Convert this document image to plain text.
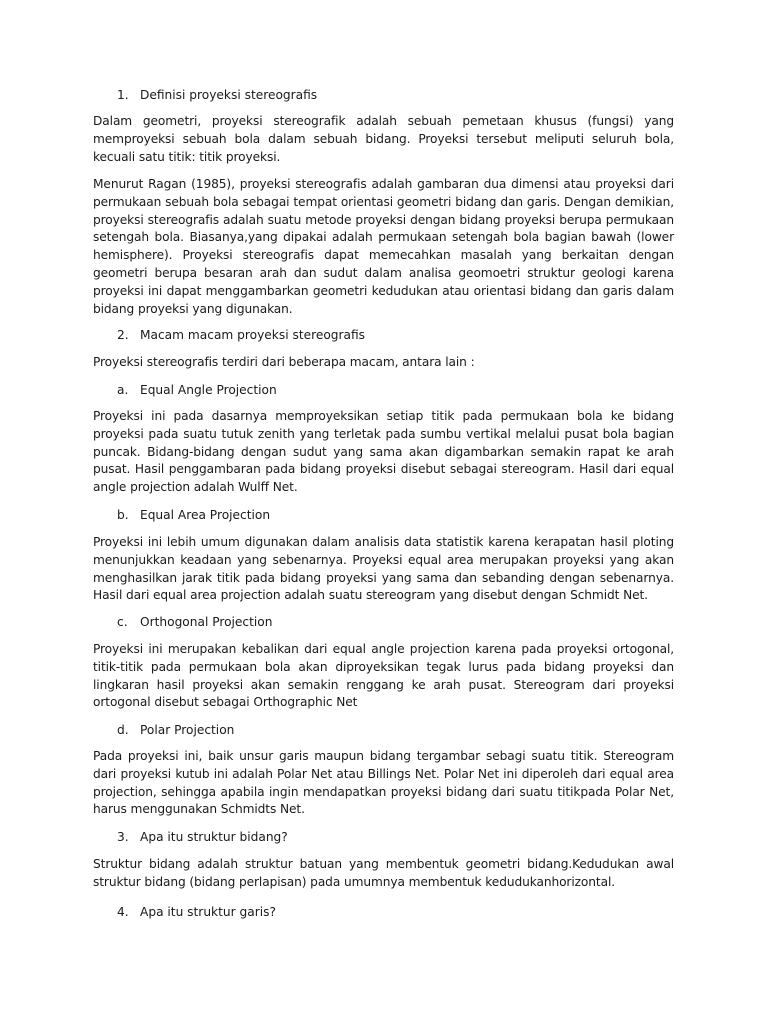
1. Definisi proyeksi stereografis

Dalam geometri, proyeksi stereografik adalah sebuah pemetaan khusus (fungsi) yang memproyeksi sebuah bola dalam sebuah bidang. Proyeksi tersebut meliputi seluruh bola, kecuali satu titik: titik proyeksi.

Menurut Ragan (1985), proyeksi stereografis adalah gambaran dua dimensi atau proyeksi dari permukaan sebuah bola sebagai tempat orientasi geometri bidang dan garis. Dengan demikian, proyeksi stereografis adalah suatu metode proyeksi dengan bidang proyeksi berupa permukaan setengah bola. Biasanya,yang dipakai adalah permukaan setengah bola bagian bawah (lower hemisphere). Proyeksi stereografis dapat memecahkan masalah yang berkaitan dengan geometri berupa besaran arah dan sudut dalam analisa geomoetri struktur geologi karena proyeksi ini dapat menggambarkan geometri kedudukan atau orientasi bidang dan garis dalam bidang proyeksi yang digunakan.

2. Macam macam proyeksi stereografis

Proyeksi stereografis terdiri dari beberapa macam, antara lain :

a. Equal Angle Projection

Proyeksi ini pada dasarnya memproyeksikan setiap titik pada permukaan bola ke bidang proyeksi pada suatu tutuk zenith yang terletak pada sumbu vertikal melalui pusat bola bagian puncak. Bidang-bidang dengan sudut yang sama akan digambarkan semakin rapat ke arah pusat. Hasil penggambaran pada bidang proyeksi disebut sebagai stereogram. Hasil dari equal angle projection adalah Wulff Net.

b. Equal Area Projection

Proyeksi ini lebih umum digunakan dalam analisis data statistik karena kerapatan hasil ploting menunjukkan keadaan yang sebenarnya. Proyeksi equal area merupakan proyeksi yang akan menghasilkan jarak titik pada bidang proyeksi yang sama dan sebanding dengan sebenarnya. Hasil dari equal area projection adalah suatu stereogram yang disebut dengan Schmidt Net.

c.	Orthogonal Projection

Proyeksi ini merupakan kebalikan dari equal angle projection karena pada proyeksi ortogonal, titik-titik pada permukaan bola akan diproyeksikan tegak lurus pada bidang proyeksi dan lingkaran hasil proyeksi akan semakin renggang ke arah pusat. Stereogram dari proyeksi ortogonal disebut sebagai Orthographic Net

d. Polar Projection

Pada proyeksi ini, baik unsur garis maupun bidang tergambar sebagi suatu titik. Stereogram dari proyeksi kutub ini adalah Polar Net atau Billings Net. Polar Net ini diperoleh dari equal area projection, sehingga apabila ingin mendapatkan proyeksi bidang dari suatu titikpada Polar Net, harus menggunakan Schmidts Net.

3. Apa itu struktur bidang?

Struktur bidang adalah struktur batuan yang membentuk geometri bidang.Kedudukan awal struktur bidang (bidang perlapisan) pada umumnya membentuk kedudukanhorizontal.

4. Apa itu struktur garis?
